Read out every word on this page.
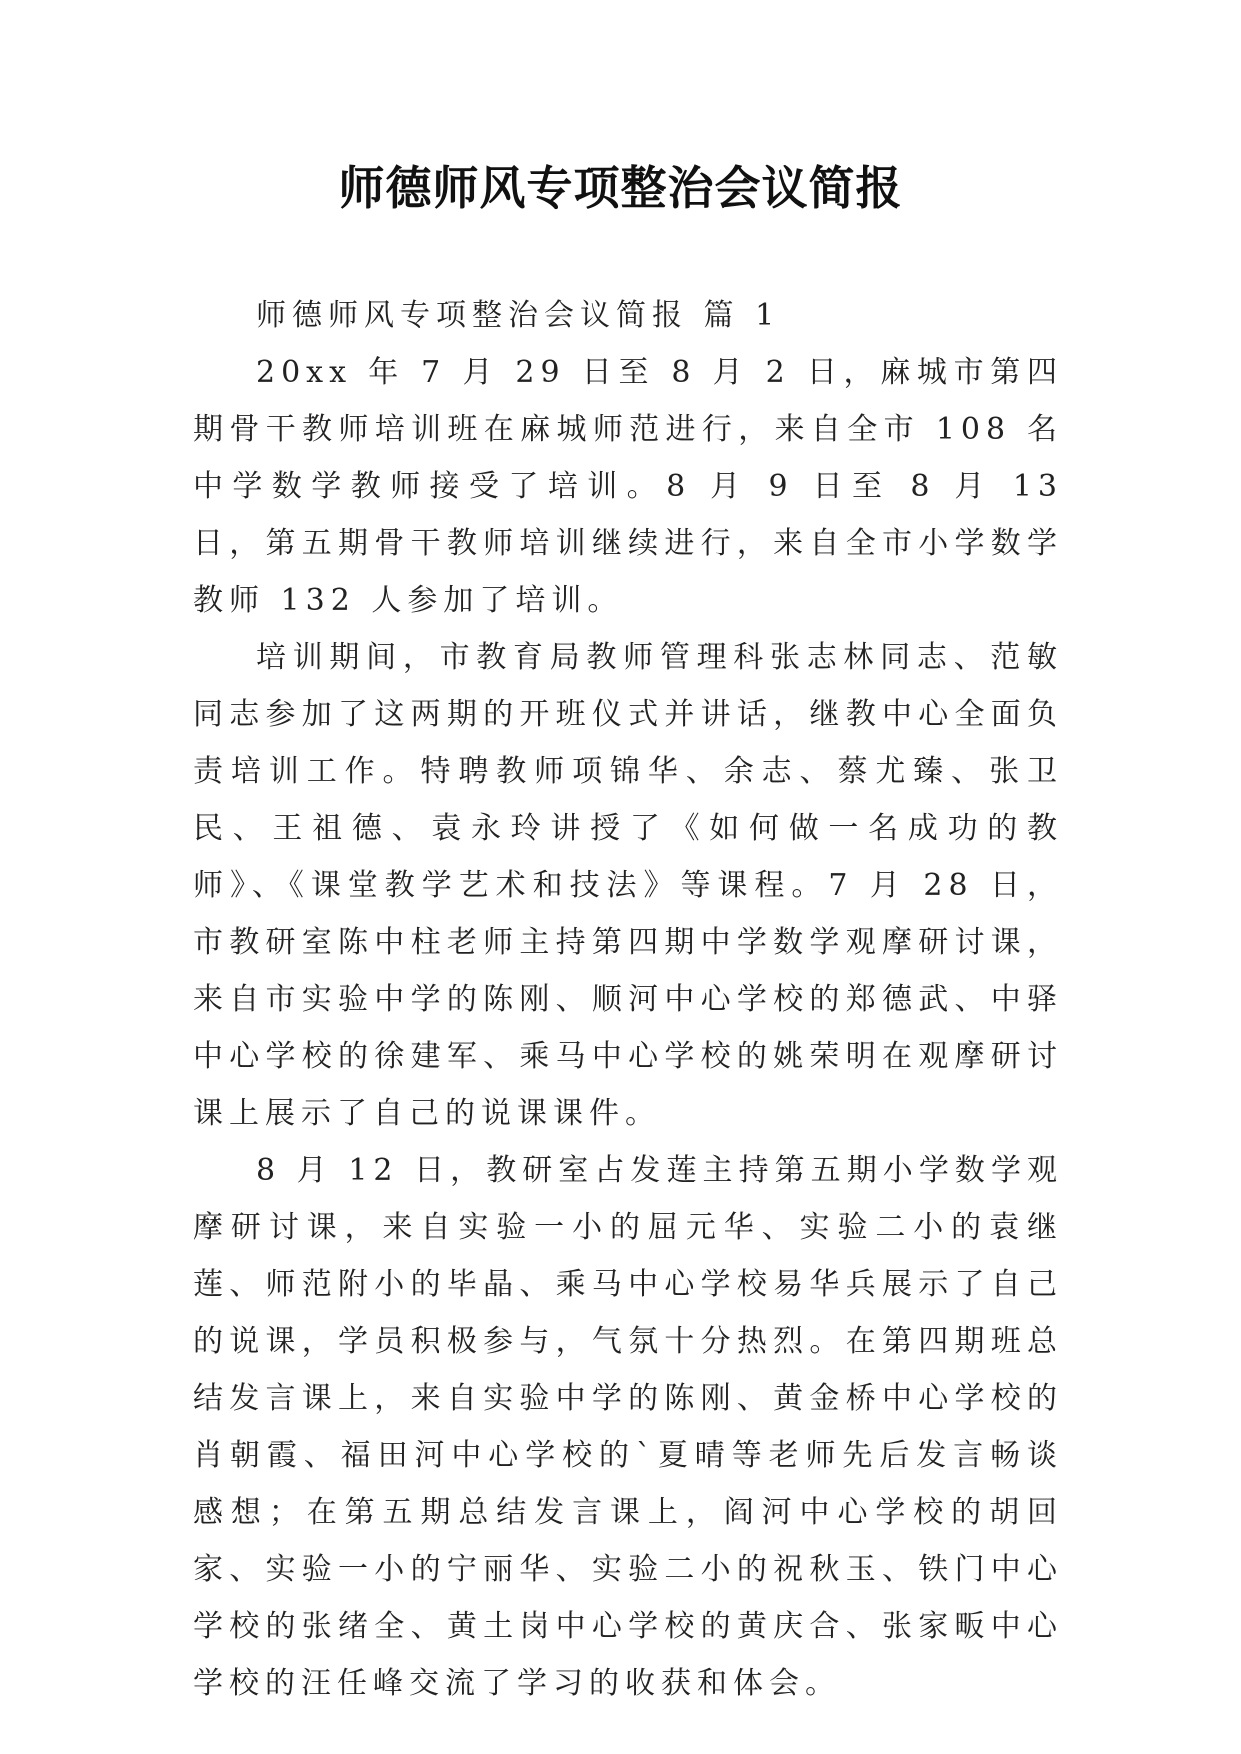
师德师风专项整治会议简报

师德师风专项整治会议简报 篇 1

20xx 年 7 月 29 日至 8 月 2 日，麻城市第四期骨干教师培训班在麻城师范进行，来自全市 108 名中学数学教师接受了培训。8 月 9 日至 8 月 13 日，第五期骨干教师培训继续进行，来自全市小学数学教师 132 人参加了培训。

培训期间，市教育局教师管理科张志林同志、范敏同志参加了这两期的开班仪式并讲话，继教中心全面负责培训工作。特聘教师项锦华、余志、蔡尤臻、张卫民、王祖德、袁永玲讲授了《如何做一名成功的教师》、《课堂教学艺术和技法》等课程。7 月 28 日，市教研室陈中柱老师主持第四期中学数学观摩研讨课，来自市实验中学的陈刚、顺河中心学校的郑德武、中驿中心学校的徐建军、乘马中心学校的姚荣明在观摩研讨课上展示了自己的说课课件。

8 月 12 日，教研室占发莲主持第五期小学数学观摩研讨课，来自实验一小的屈元华、实验二小的袁继莲、师范附小的毕晶、乘马中心学校易华兵展示了自己的说课，学员积极参与，气氛十分热烈。在第四期班总结发言课上，来自实验中学的陈刚、黄金桥中心学校的肖朝霞、福田河中心学校的`夏晴等老师先后发言畅谈感想；在第五期总结发言课上，阎河中心学校的胡回家、实验一小的宁丽华、实验二小的祝秋玉、铁门中心学校的张绪全、黄土岗中心学校的黄庆合、张家畈中心学校的汪任峰交流了学习的收获和体会。
